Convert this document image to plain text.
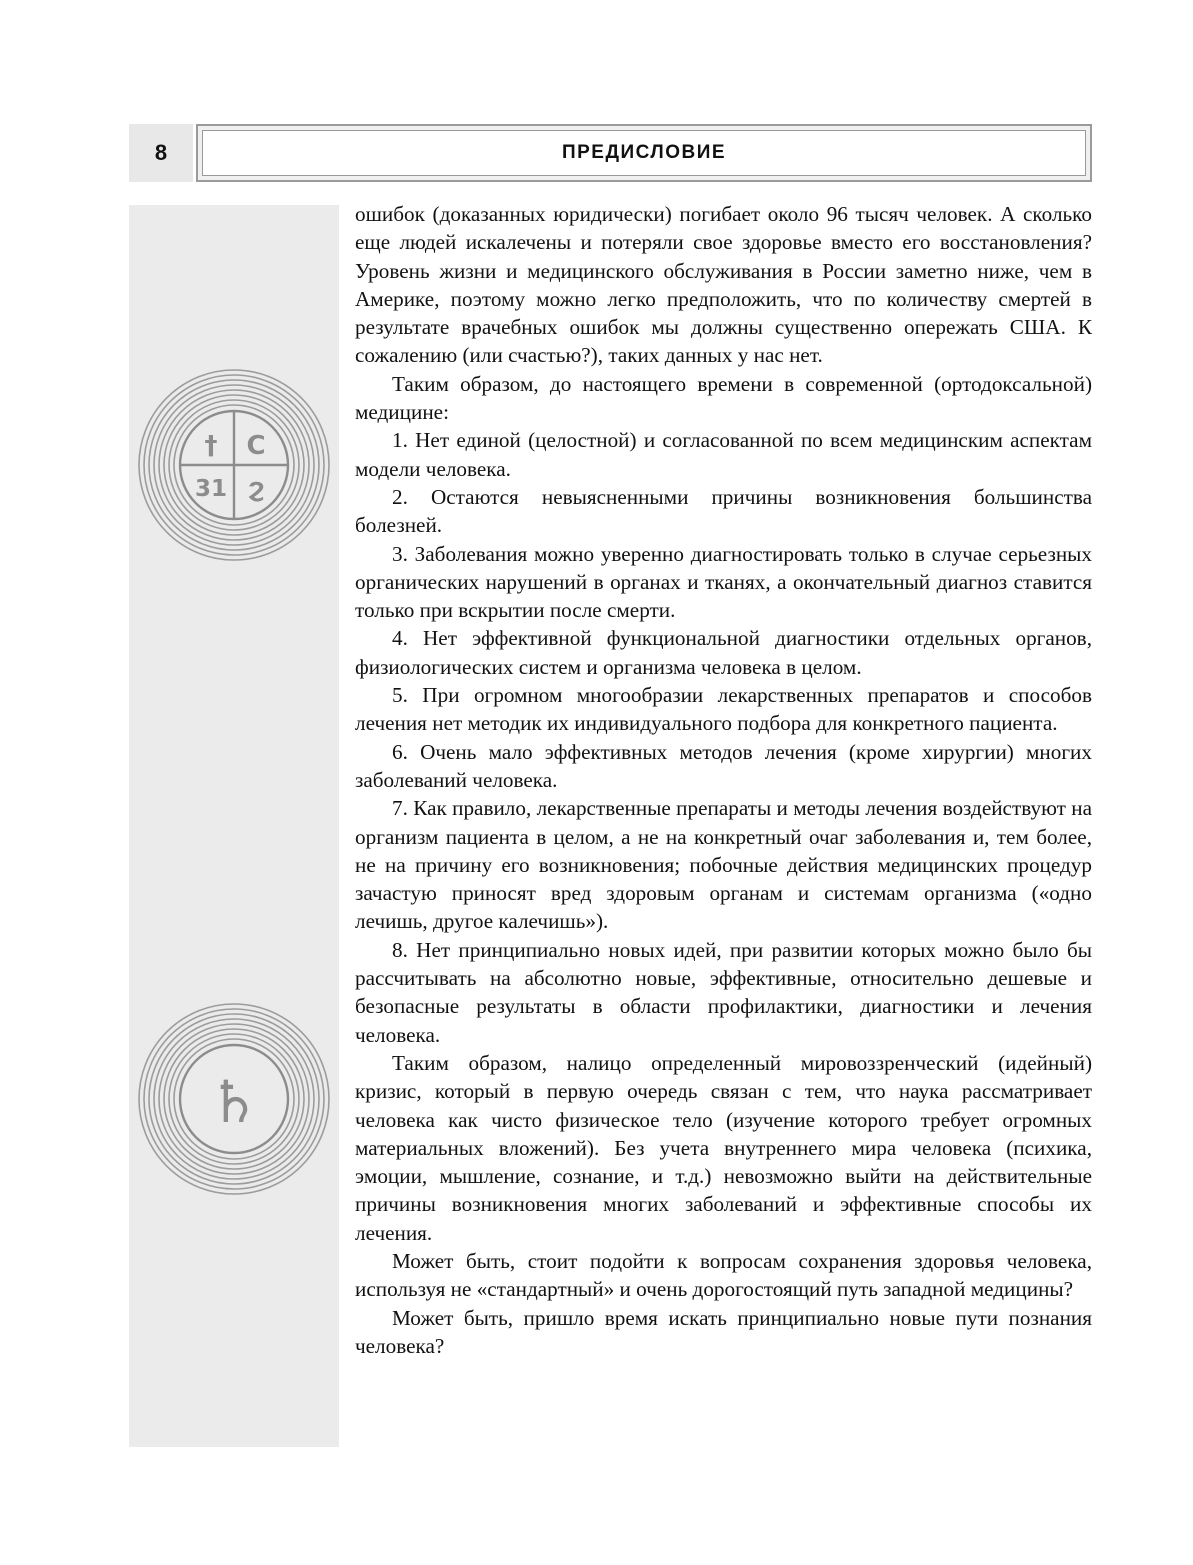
8	ПРЕДИСЛОВИЕ
† C
31 ϩ
♄

ошибок (доказанных юридически) погибает около 96 тысяч человек. А сколько еще людей искалечены и потеряли свое здоровье вместо его восстановления? Уровень жизни и медицинского обслуживания в России заметно ниже, чем в Америке, поэтому можно легко предположить, что по количеству смертей в результате врачебных ошибок мы должны существенно опережать США. К сожалению (или счастью?), таких данных у нас нет.

Таким образом, до настоящего времени в современной (ортодоксальной) медицине:

1. Нет единой (целостной) и согласованной по всем медицинским аспектам модели человека.

2. Остаются невыясненными причины возникновения большинства болезней.

3. Заболевания можно уверенно диагностировать только в случае серьезных органических нарушений в органах и тканях, а окончательный диагноз ставится только при вскрытии после смерти.

4. Нет эффективной функциональной диагностики отдельных органов, физиологических систем и организма человека в целом.

5. При огромном многообразии лекарственных препаратов и способов лечения нет методик их индивидуального подбора для конкретного пациента.

6. Очень мало эффективных методов лечения (кроме хирургии) многих заболеваний человека.

7. Как правило, лекарственные препараты и методы лечения воздействуют на организм пациента в целом, а не на конкретный очаг заболевания и, тем более, не на причину его возникновения; побочные действия медицинских процедур зачастую приносят вред здоровым органам и системам организма («одно лечишь, другое калечишь»).

8. Нет принципиально новых идей, при развитии которых можно было бы рассчитывать на абсолютно новые, эффективные, относительно дешевые и безопасные результаты в области профилактики, диагностики и лечения человека.

Таким образом, налицо определенный мировоззренческий (идейный) кризис, который в первую очередь связан с тем, что наука рассматривает человека как чисто физическое тело (изучение которого требует огромных материальных вложений). Без учета внутреннего мира человека (психика, эмоции, мышление, сознание, и т.д.) невозможно выйти на действительные причины возникновения многих заболеваний и эффективные способы их лечения.

Может быть, стоит подойти к вопросам сохранения здоровья человека, используя не «стандартный» и очень дорогостоящий путь западной медицины?

Может быть, пришло время искать принципиально новые пути познания человека?
